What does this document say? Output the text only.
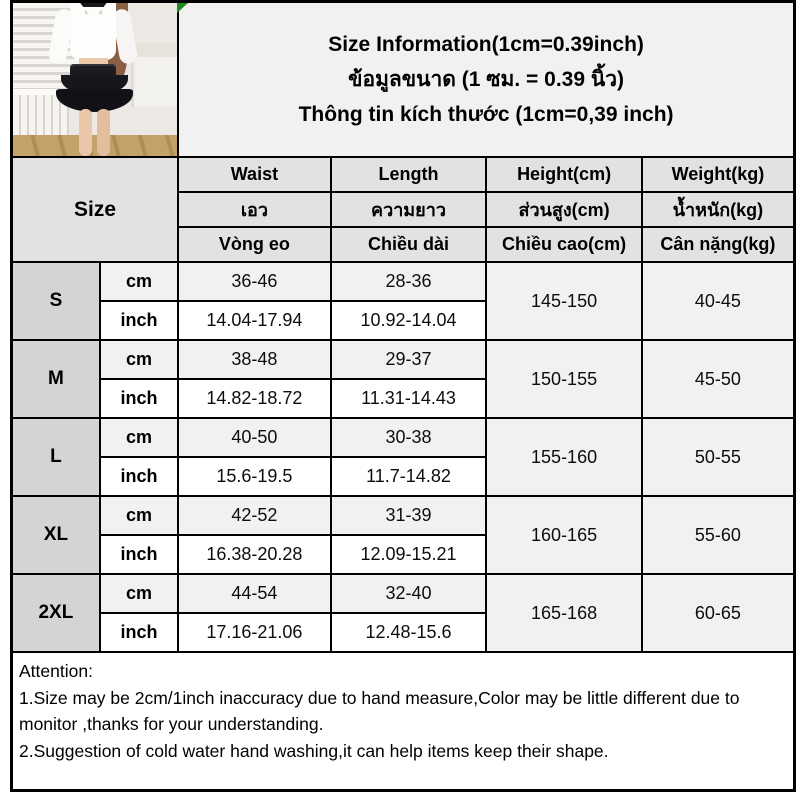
		Size Information(1cm=0.39inch)
ข้อมูลขนาด (1 ซม. = 0.39 นิ้ว)
Thông tin kích thước (1cm=0,39 inch)			

Size		Waist	Length	Height(cm)	Weight(kg)
		เอว	ความยาว	ส่วนสูง(cm)	น้ำหนัก(kg)
		Vòng eo	Chiều dài	Chiều cao(cm)	Cân nặng(kg)
S	cm	36-46	28-36	145-150	40-45
	inch	14.04-17.94	10.92-14.04		
M	cm	38-48	29-37	150-155	45-50
	inch	14.82-18.72	11.31-14.43		
L	cm	40-50	30-38	155-160	50-55
	inch	15.6-19.5	11.7-14.82		
XL	cm	42-52	31-39	160-165	55-60
	inch	16.38-20.28	12.09-15.21		
2XL	cm	44-54	32-40	165-168	60-65
	inch	17.16-21.06	12.48-15.6		

Attention:
1.Size may be 2cm/1inch inaccuracy due to hand measure,Color may be little different due to monitor ,thanks for your understanding.
2.Suggestion of cold water hand washing,it can help items keep their shape.					
